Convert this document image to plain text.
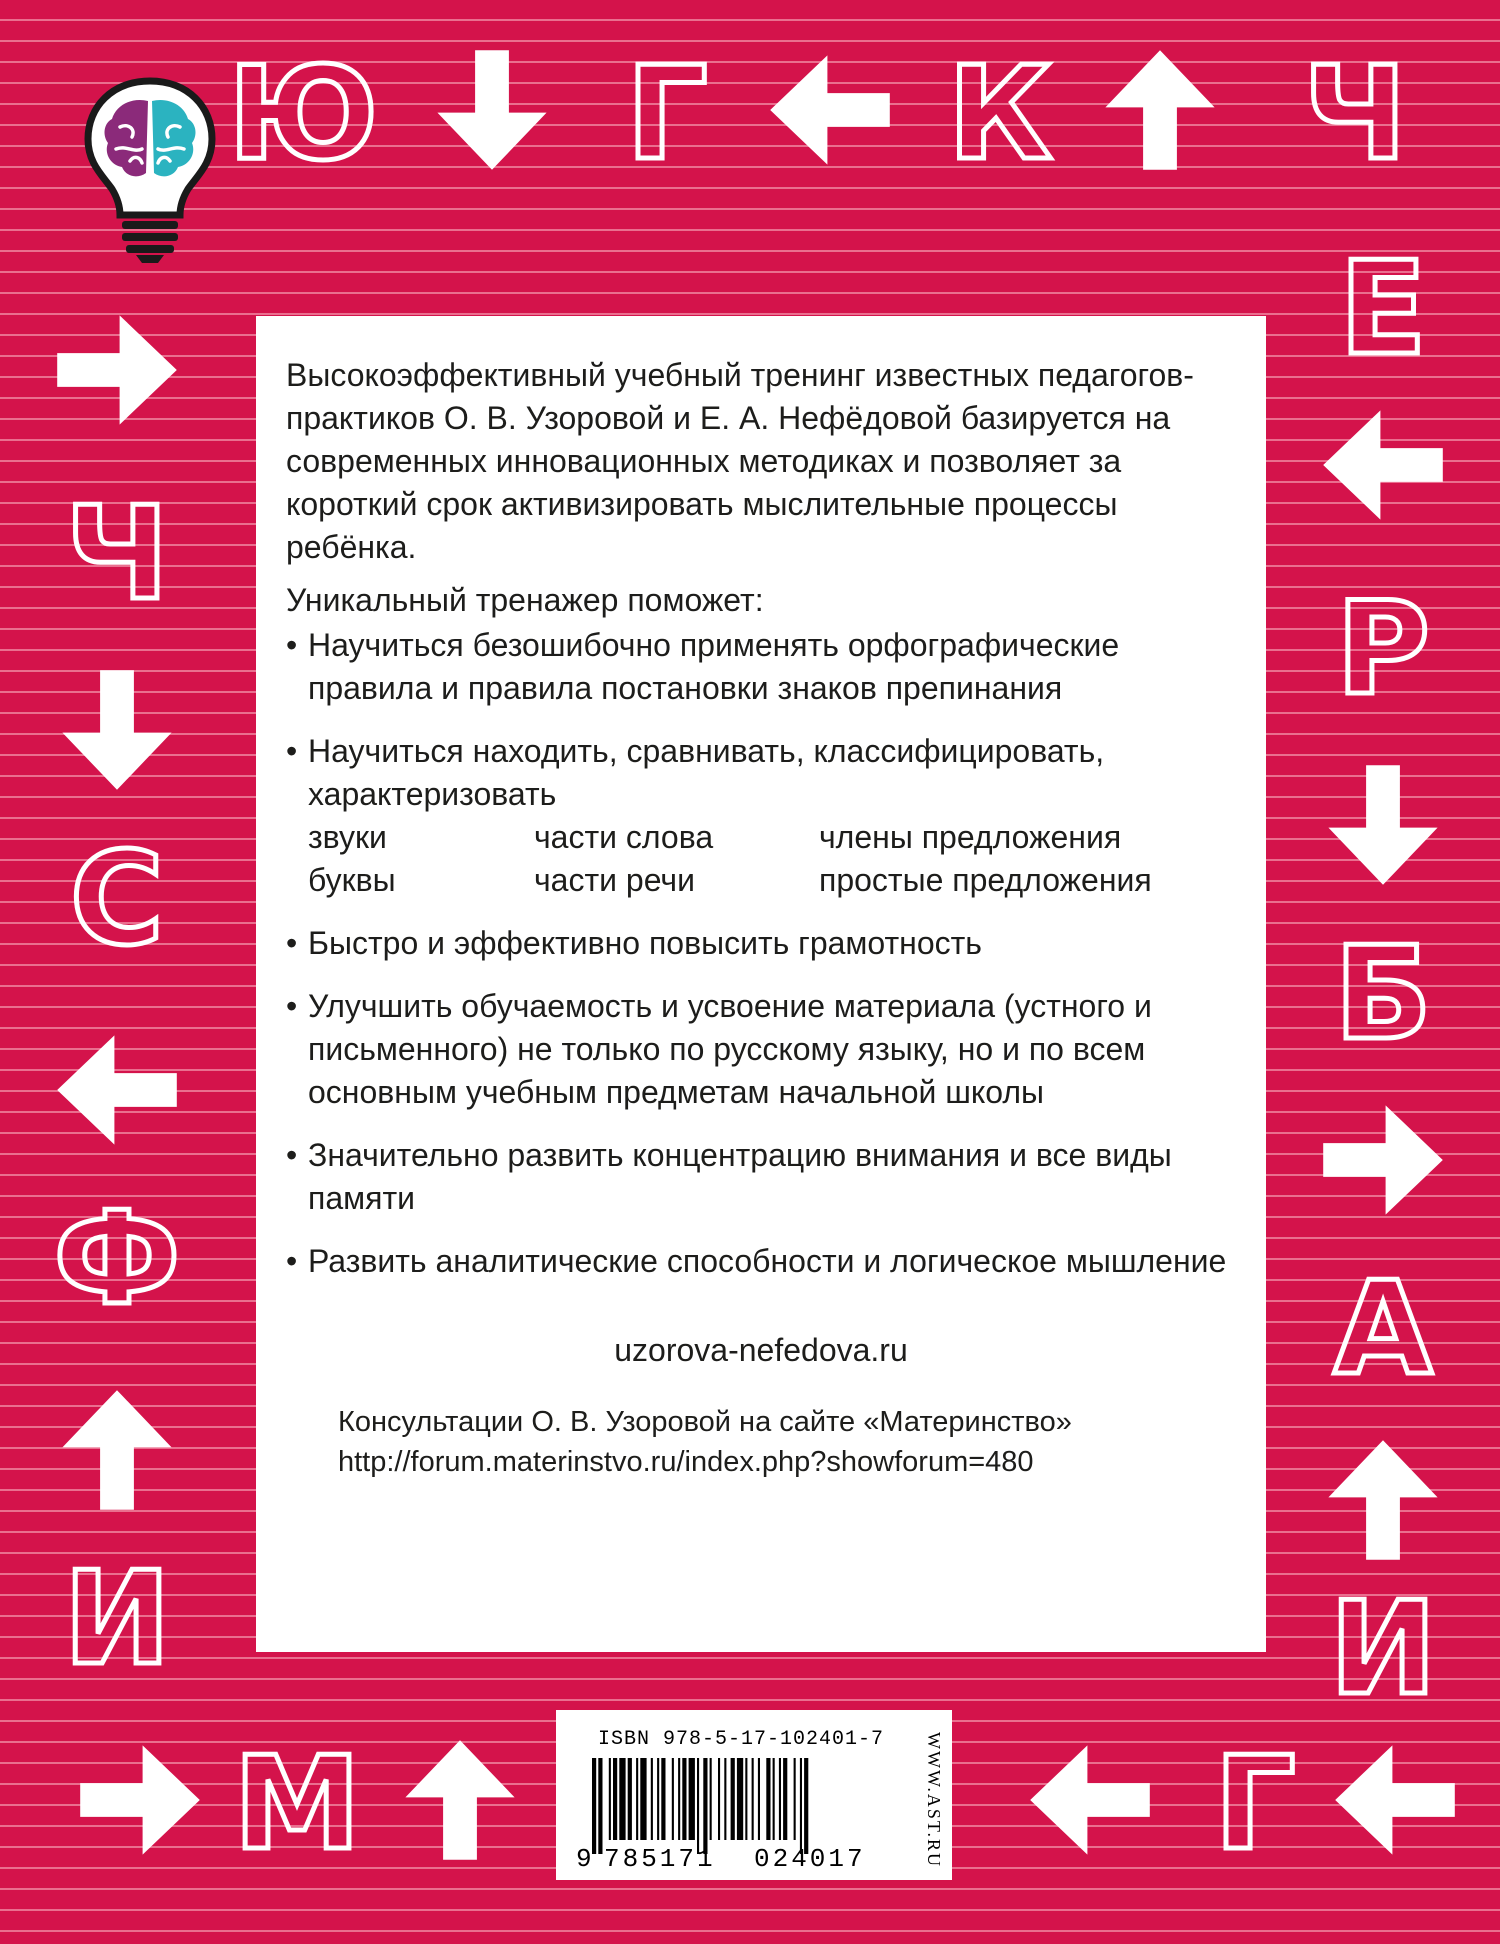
Ю Г К Ч
Ч
С
Ф
И
Е
Р
Б
А
И
М	Г

Высокоэффективный учебный тренинг известных педагогов-практиков О. В. Узоровой и Е. А. Нефёдовой базируется на современных инновационных методиках и позволяет за короткий срок активизировать мыслительные процессы ребёнка.

Уникальный тренажер поможет:

• Научиться безошибочно применять орфографические правила и правила постановки знаков препинания
• Научиться находить, сравнивать, классифицировать, характеризовать
звуки	части слова	члены предложения
буквы	части речи	простые предложения
• Быстро и эффективно повысить грамотность
• Улучшить обучаемость и усвоение материала (устного и письменного) не только по русскому языку, но и по всем основным учебным предметам начальной школы
• Значительно развить концентрацию внимания и все виды памяти
• Развить аналитические способности и логическое мышление
uzorova-nefedova.ru
Консультации О. В. Узоровой на сайте «Материнство»
http://forum.materinstvo.ru/index.php?showforum=480
ISBN 978-5-17-102401-7
9 785171 024017	WWW.AST.RU
